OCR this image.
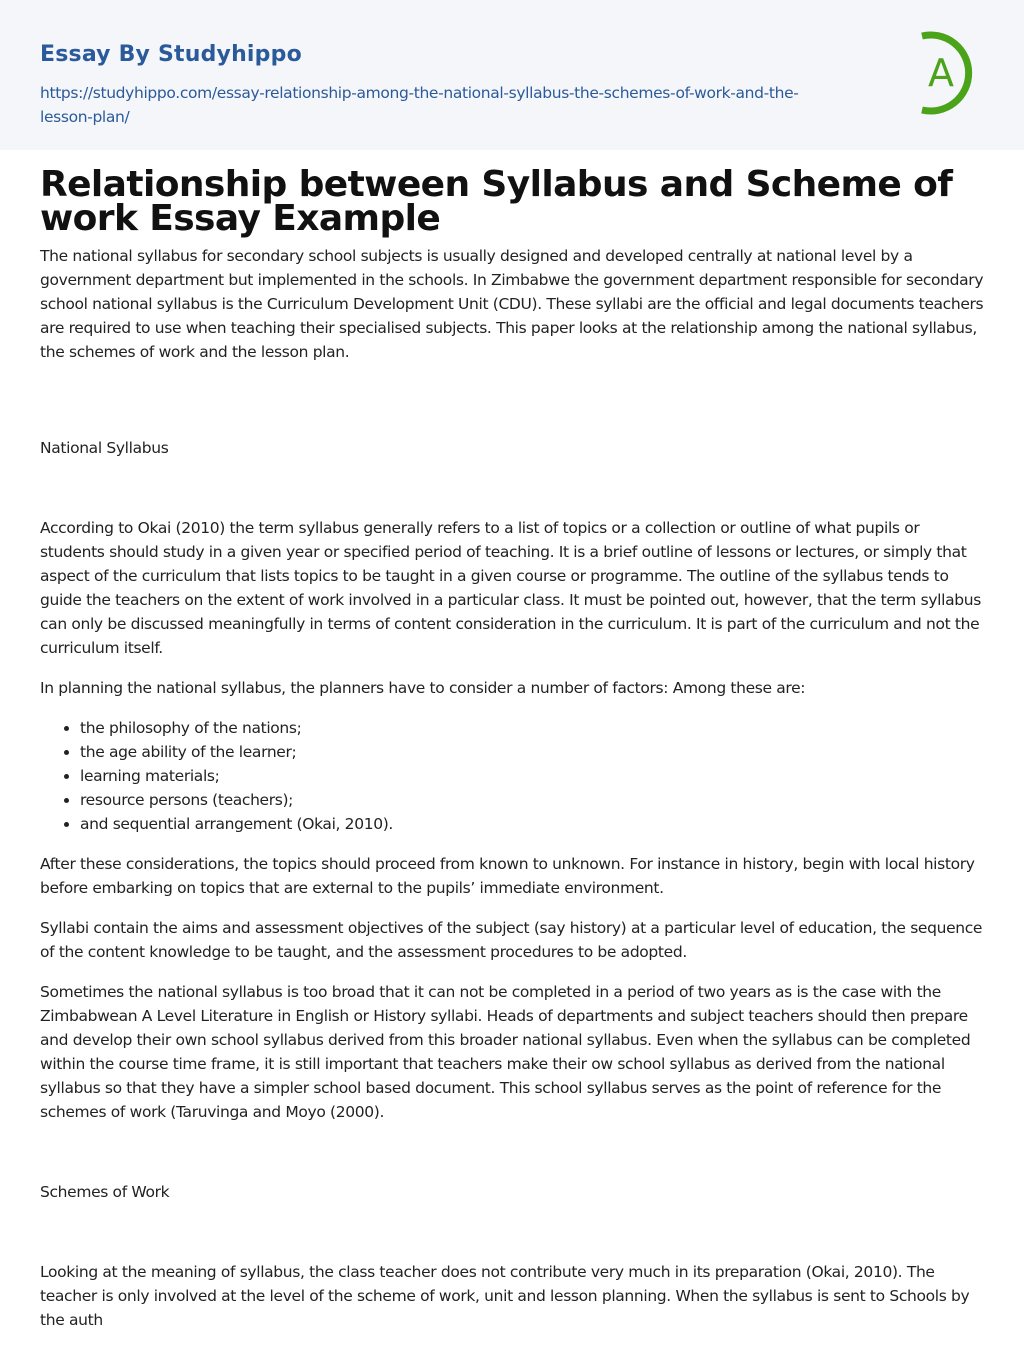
Essay By Studyhippo
https://studyhippo.com/essay-relationship-among-the-national-syllabus-the-schemes-of-work-and-the-lesson-plan/
A
Relationship between Syllabus and Scheme of work Essay Example

The national syllabus for secondary school subjects is usually designed and developed centrally at national level by a government department but implemented in the schools. In Zimbabwe the government department responsible for secondary school national syllabus is the Curriculum Development Unit (CDU). These syllabi are the official and legal documents teachers are required to use when teaching their specialised subjects. This paper looks at the relationship among the national syllabus, the schemes of work and the lesson plan.

National Syllabus

According to Okai (2010) the term syllabus generally refers to a list of topics or a collection or outline of what pupils or students should study in a given year or specified period of teaching. It is a brief outline of lessons or lectures, or simply that aspect of the curriculum that lists topics to be taught in a given course or programme. The outline of the syllabus tends to guide the teachers on the extent of work involved in a particular class. It must be pointed out, however, that the term syllabus can only be discussed meaningfully in terms of content consideration in the curriculum. It is part of the curriculum and not the curriculum itself.

In planning the national syllabus, the planners have to consider a number of factors: Among these are:

• the philosophy of the nations;
• the age ability of the learner;
• learning materials;
• resource persons (teachers);
• and sequential arrangement (Okai, 2010).

After these considerations, the topics should proceed from known to unknown. For instance in history, begin with local history before embarking on topics that are external to the pupils’ immediate environment.

Syllabi contain the aims and assessment objectives of the subject (say history) at a particular level of education, the sequence of the content knowledge to be taught, and the assessment procedures to be adopted.

Sometimes the national syllabus is too broad that it can not be completed in a period of two years as is the case with the Zimbabwean A Level Literature in English or History syllabi. Heads of departments and subject teachers should then prepare and develop their own school syllabus derived from this broader national syllabus. Even when the syllabus can be completed within the course time frame, it is still important that teachers make their ow school syllabus as derived from the national syllabus so that they have a simpler school based document. This school syllabus serves as the point of reference for the schemes of work (Taruvinga and Moyo (2000).

Schemes of Work

Looking at the meaning of syllabus, the class teacher does not contribute very much in its preparation (Okai, 2010). The teacher is only involved at the level of the scheme of work, unit and lesson planning. When the syllabus is sent to Schools by the auth
